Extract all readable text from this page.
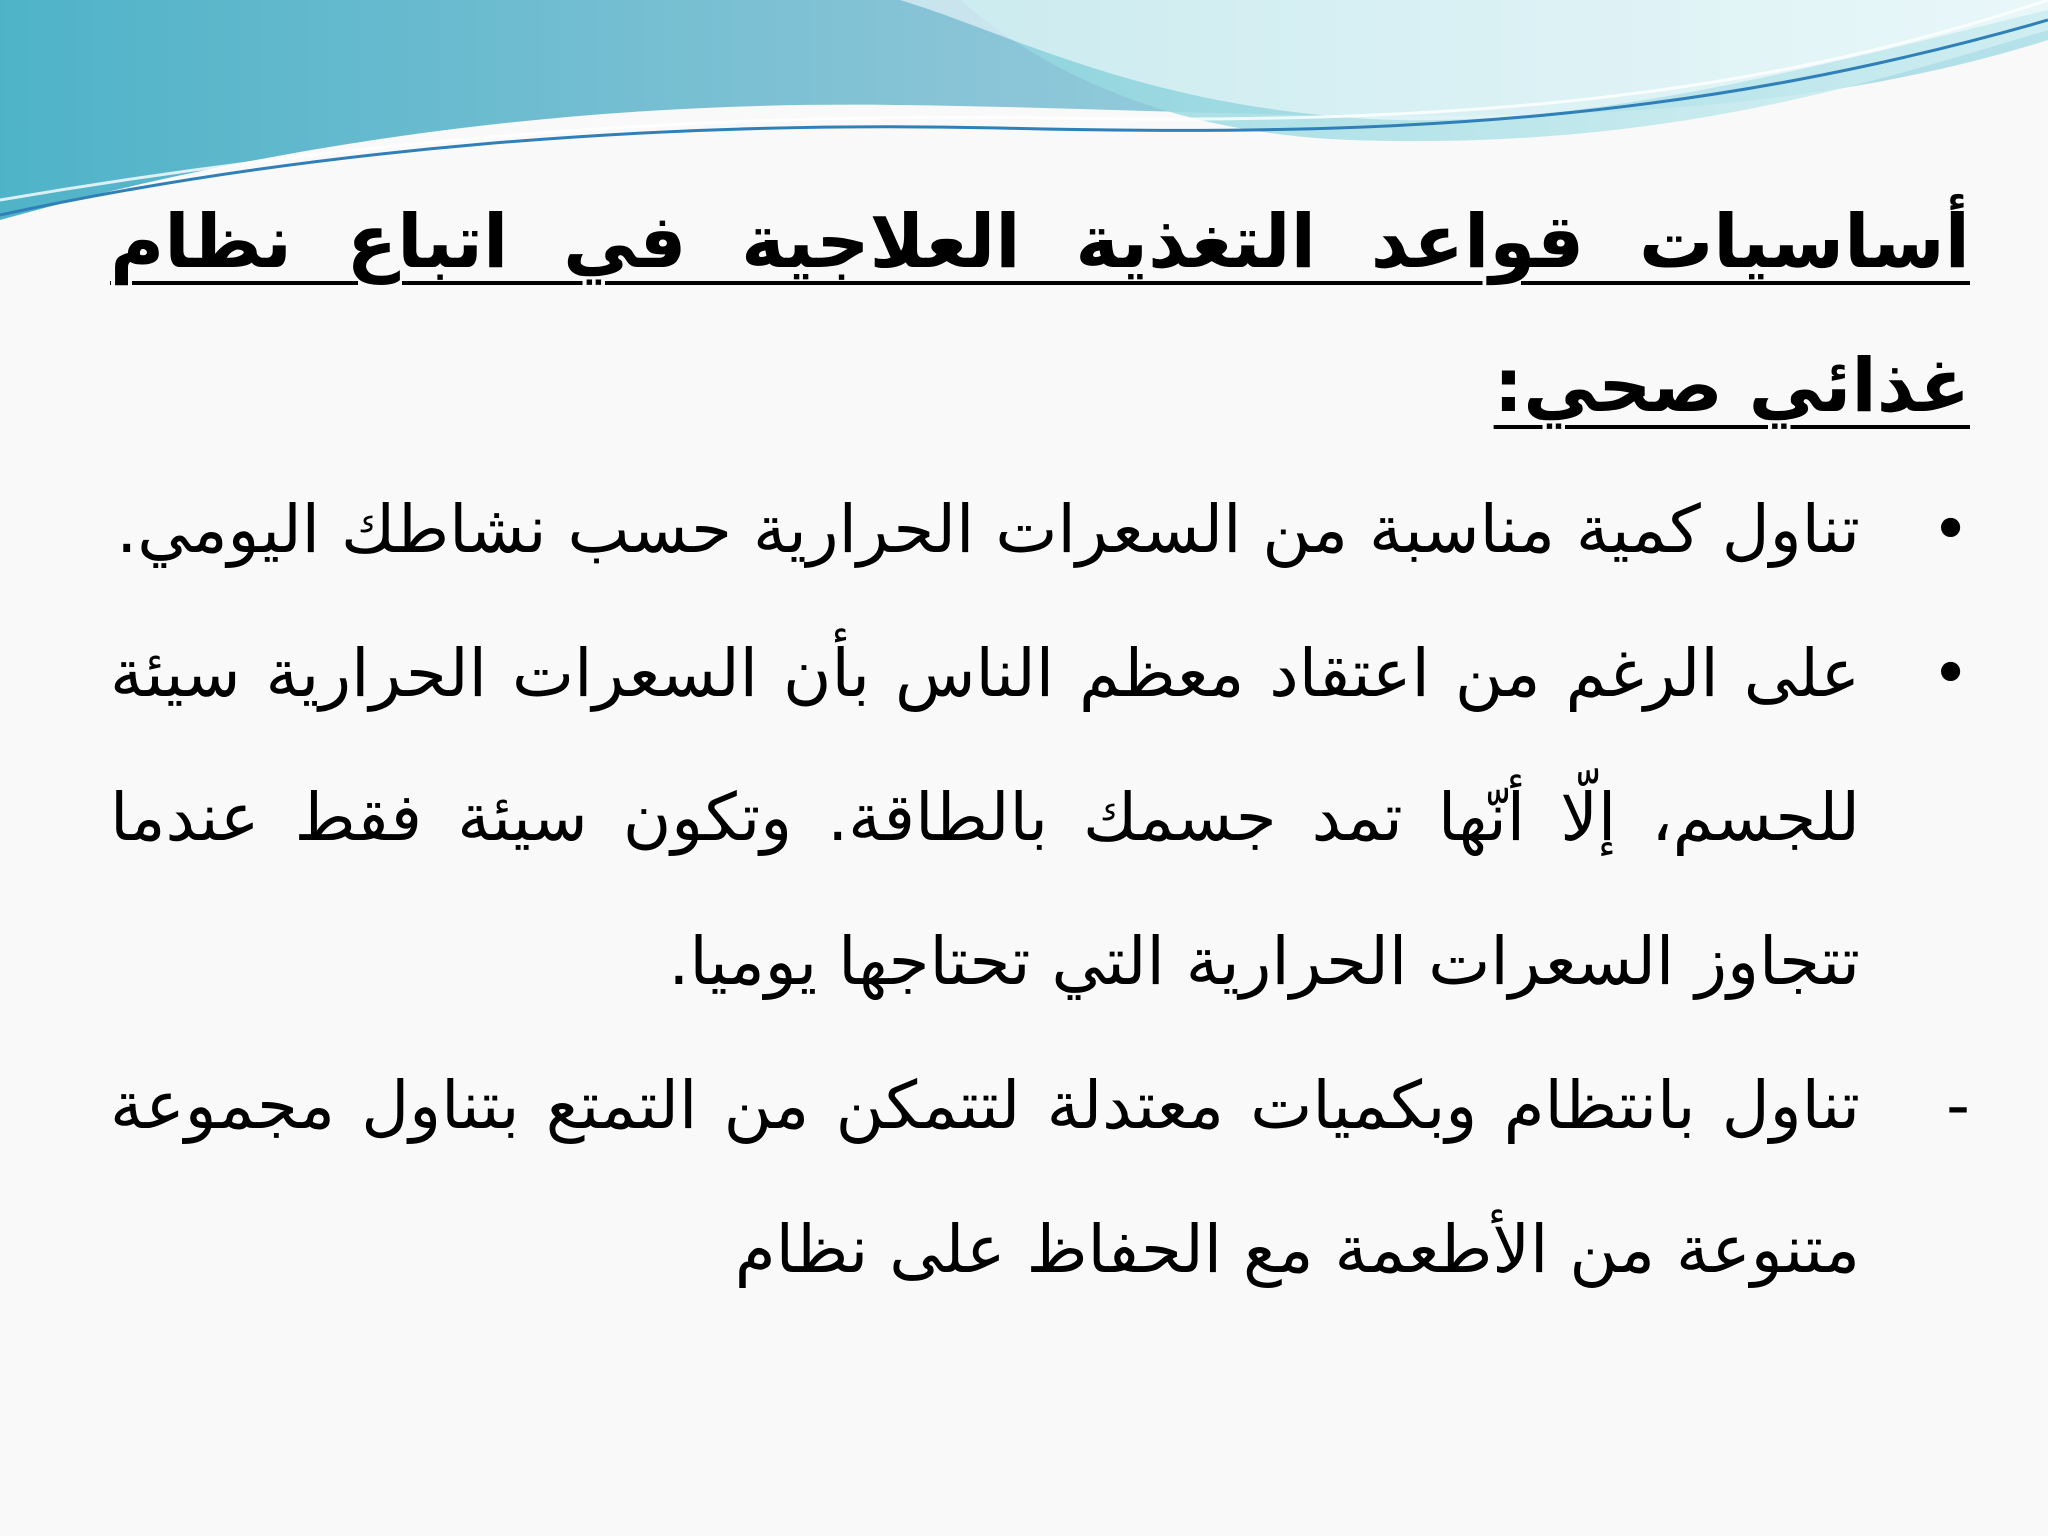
أساسيات قواعد التغذية العلاجية في اتباع نظام غذائي صحي:

•
تناول كمية مناسبة من السعرات الحرارية حسب نشاطك اليومي.
•
على الرغم من اعتقاد معظم الناس بأن السعرات الحرارية سيئة للجسم، إلّا أنّها تمد جسمك بالطاقة. وتكون سيئة فقط عندما تتجاوز السعرات الحرارية التي تحتاجها يوميا.
-
تناول بانتظام وبكميات معتدلة لتتمكن من التمتع بتناول مجموعة متنوعة من الأطعمة مع الحفاظ على نظام
